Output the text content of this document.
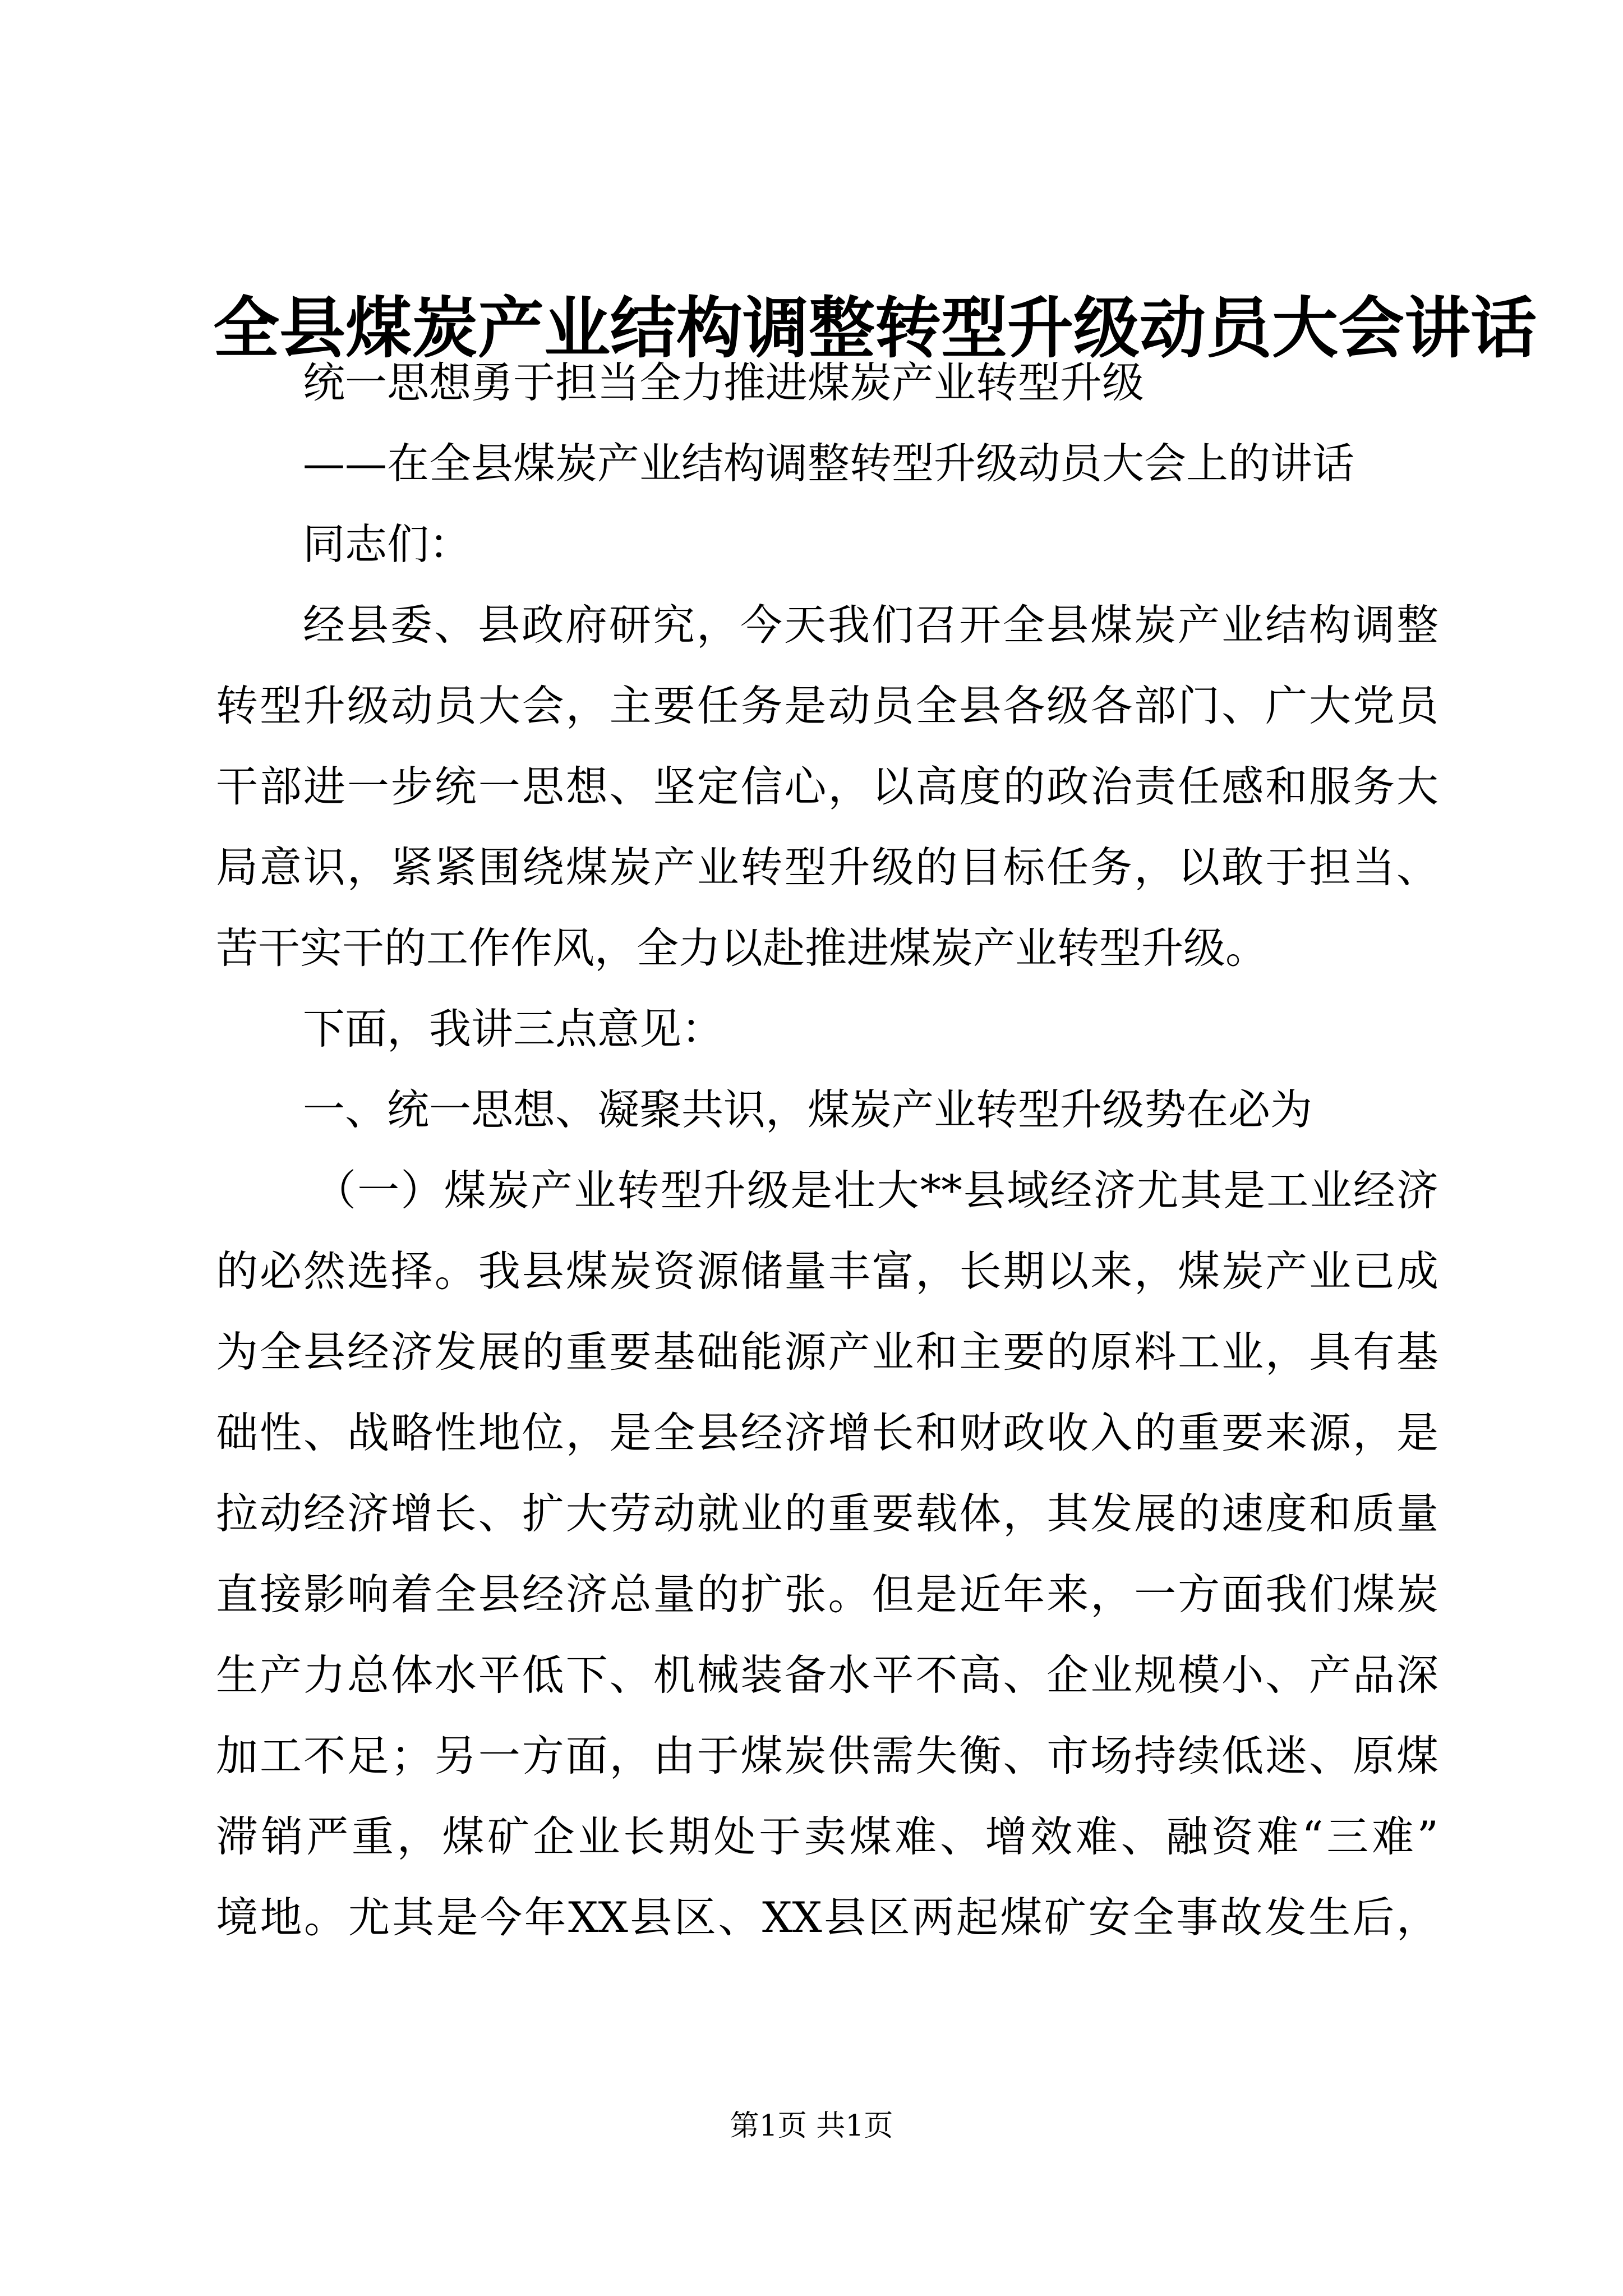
全县煤炭产业结构调整转型升级动员大会讲话
统一思想勇于担当全力推进煤炭产业转型升级
——在全县煤炭产业结构调整转型升级动员大会上的讲话
同志们：
经县委、县政府研究，今天我们召开全县煤炭产业结构调整
转型升级动员大会，主要任务是动员全县各级各部门、广大党员
干部进一步统一思想、坚定信心，以高度的政治责任感和服务大
局意识，紧紧围绕煤炭产业转型升级的目标任务，以敢于担当、
苦干实干的工作作风，全力以赴推进煤炭产业转型升级。
下面，我讲三点意见：
一、统一思想、凝聚共识，煤炭产业转型升级势在必为
（一）煤炭产业转型升级是壮大**县域经济尤其是工业经济
的必然选择。我县煤炭资源储量丰富，长期以来，煤炭产业已成
为全县经济发展的重要基础能源产业和主要的原料工业，具有基
础性、战略性地位，是全县经济增长和财政收入的重要来源，是
拉动经济增长、扩大劳动就业的重要载体，其发展的速度和质量
直接影响着全县经济总量的扩张。但是近年来，一方面我们煤炭
生产力总体水平低下、机械装备水平不高、企业规模小、产品深
加工不足；另一方面，由于煤炭供需失衡、市场持续低迷、原煤
滞销严重，煤矿企业长期处于卖煤难、增效难、融资难“三难”
境地。尤其是今年XX县区、XX县区两起煤矿安全事故发生后，
第1页 共1页
